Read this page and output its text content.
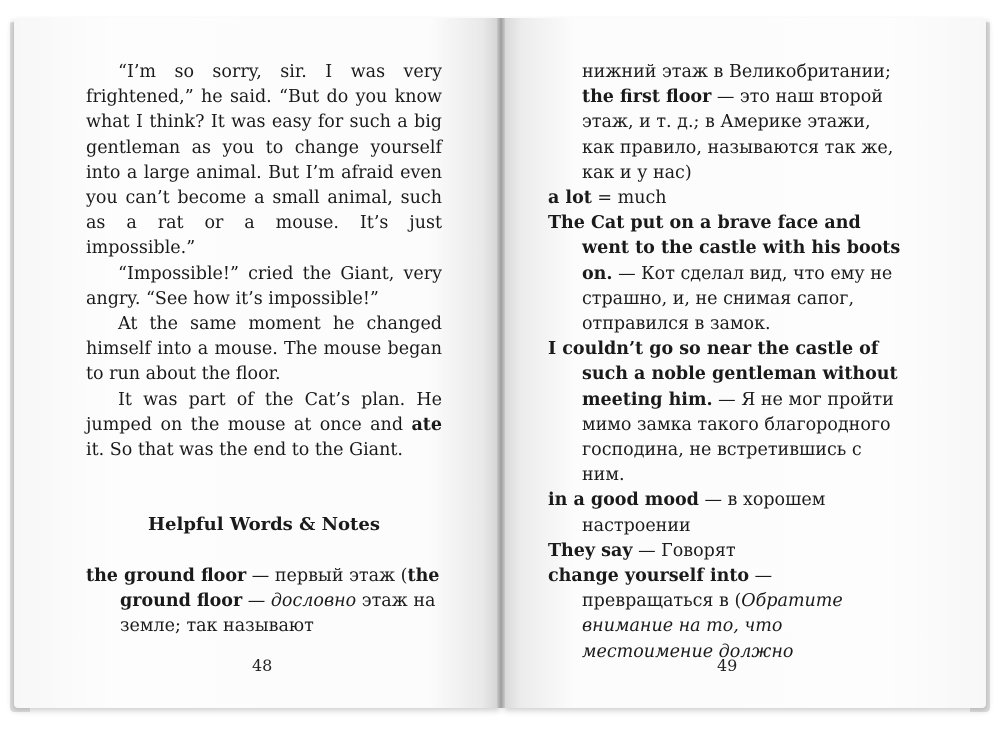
“I’m so sorry, sir. I was very frightened,” he said. “But do you know what I think? It was easy for such a big gentleman as you to change yourself into a large animal. But I’m afraid even you can’t become a small animal, such as a rat or a mouse. It’s just impossible.”

“Impossible!” cried the Giant, very angry. “See how it’s impossible!”

At the same moment he changed himself into a mouse. The mouse began to run about the floor.

It was part of the Cat’s plan. He jumped on the mouse at once and ate it. So that was the end to the Giant.

Helpful Words & Notes

the ground floor — первый этаж (the ground floor — дословно этаж на земле; так называют

48

нижний этаж в Великобритании;

the first floor — это наш второй этаж, и т. д.; в Америке этажи, как правило, называются так же, как и у нас)

a lot = much

The Cat put on a brave face and went to the castle with his boots on. — Кот сделал вид, что ему не страшно, и, не снимая сапог, отправился в замок.

I couldn’t go so near the castle of such a noble gentleman without meeting him. — Я не мог пройти мимо замка такого благородного господина, не встретившись с ним.

in a good mood — в хорошем настроении

They say — Говорят

change yourself into — превращаться в (Обратите внимание на то, что местоимение должно

49
